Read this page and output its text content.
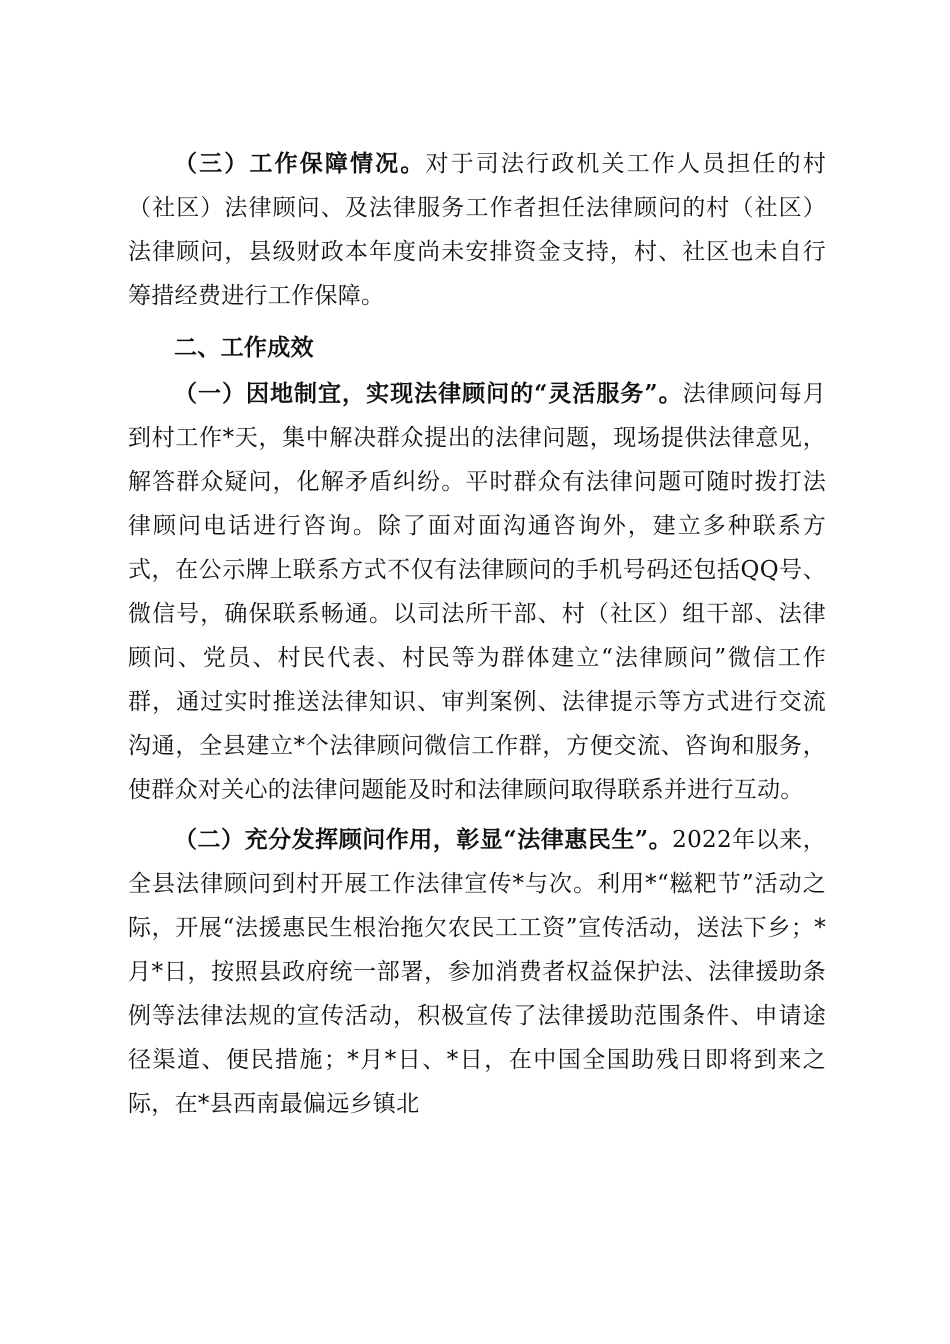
（三）工作保障情况。对于司法行政机关工作人员担任的村（社区）法律顾问、及法律服务工作者担任法律顾问的村（社区）法律顾问，县级财政本年度尚未安排资金支持，村、社区也未自行筹措经费进行工作保障。

二、工作成效

（一）因地制宜，实现法律顾问的“灵活服务”。法律顾问每月到村工作*天，集中解决群众提出的法律问题，现场提供法律意见，解答群众疑问，化解矛盾纠纷。平时群众有法律问题可随时拨打法律顾问电话进行咨询。除了面对面沟通咨询外，建立多种联系方式，在公示牌上联系方式不仅有法律顾问的手机号码还包括QQ号、微信号，确保联系畅通。以司法所干部、村（社区）组干部、法律顾问、党员、村民代表、村民等为群体建立“法律顾问”微信工作群，通过实时推送法律知识、审判案例、法律提示等方式进行交流沟通，全县建立*个法律顾问微信工作群，方便交流、咨询和服务，使群众对关心的法律问题能及时和法律顾问取得联系并进行互动。

（二）充分发挥顾问作用，彰显“法律惠民生”。2022年以来，全县法律顾问到村开展工作法律宣传*与次。利用*“糍粑节”活动之际，开展“法援惠民生根治拖欠农民工工资”宣传活动，送法下乡；*月*日，按照县政府统一部署，参加消费者权益保护法、法律援助条例等法律法规的宣传活动，积极宣传了法律援助范围条件、申请途径渠道、便民措施；*月*日、*日，在中国全国助残日即将到来之际，在*县西南最偏远乡镇北
